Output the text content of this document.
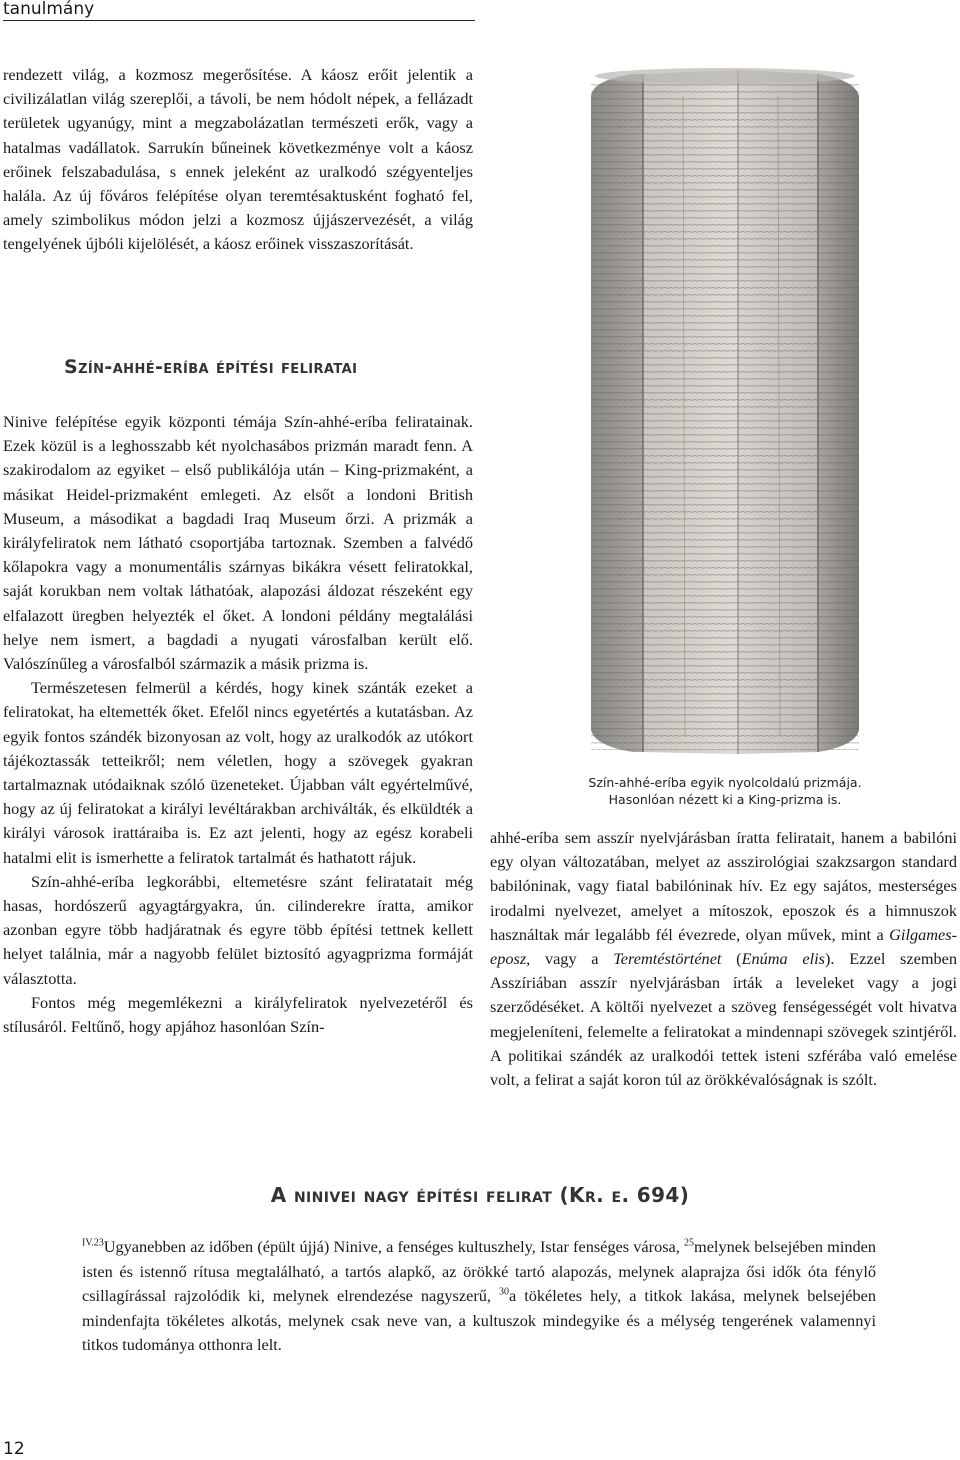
tanulmány

rendezett világ, a kozmosz megerősítése. A káosz erőit jelentik a civilizálatlan világ szereplői, a távoli, be nem hódolt népek, a fellázadt területek ugyanúgy, mint a megzabolázatlan természeti erők, vagy a hatalmas vadállatok. Sarrukín bűneinek következménye volt a káosz erőinek felszabadulása, s ennek jeleként az uralkodó szégyenteljes halála. Az új főváros felépítése olyan teremtésaktusként fogható fel, amely szimbolikus módon jelzi a kozmosz újjászervezését, a világ tengelyének újbóli kijelölését, a káosz erőinek visszaszorítását.

Szín-ahhé-eríba építési feliratai

Ninive felépítése egyik központi témája Szín-ahhé-eríba feliratainak. Ezek közül is a leghosszabb két nyolchasábos prizmán maradt fenn. A szakirodalom az egyiket – első publikálója után – King-prizmaként, a másikat Heidel-prizmaként emlegeti. Az elsőt a londoni British Museum, a másodikat a bagdadi Iraq Museum őrzi. A prizmák a királyfeliratok nem látható csoportjába tartoznak. Szemben a falvédő kőlapokra vagy a monumentális szárnyas bikákra vésett feliratokkal, saját korukban nem voltak láthatóak, alapozási áldozat részeként egy elfalazott üregben helyezték el őket. A londoni példány megtalálási helye nem ismert, a bagdadi a nyugati városfalban került elő. Valószínűleg a városfalból származik a másik prizma is.

Természetesen felmerül a kérdés, hogy kinek szánták ezeket a feliratokat, ha eltemették őket. Efelől nincs egyetértés a kutatásban. Az egyik fontos szándék bizonyosan az volt, hogy az uralkodók az utókort tájékoztassák tetteikről; nem véletlen, hogy a szövegek gyakran tartalmaznak utódaiknak szóló üzeneteket. Újabban vált egyértelművé, hogy az új feliratokat a királyi levéltárakban archiválták, és elküldték a királyi városok irattáraiba is. Ez azt jelenti, hogy az egész korabeli hatalmi elit is ismerhette a feliratok tartalmát és hathatott rájuk.

Szín-ahhé-eríba legkorábbi, eltemetésre szánt feliratatait még hasas, hordószerű agyagtárgyakra, ún. cilinderekre íratta, amikor azonban egyre több hadjáratnak és egyre több építési tettnek kellett helyet találnia, már a nagyobb felület biztosító agyagprizma formáját választotta.

Fontos még megemlékezni a királyfeliratok nyelvezetéről és stílusáról. Feltűnő, hogy apjához hasonlóan Szín-

Szín-ahhé-eríba egyik nyolcoldalú prizmája.
Hasonlóan nézett ki a King-prizma is.

ahhé-eríba sem asszír nyelvjárásban íratta feliratait, hanem a babilóni egy olyan változatában, melyet az asszirológiai szakzsargon standard babilóninak, vagy fiatal babilóninak hív. Ez egy sajátos, mesterséges irodalmi nyelvezet, amelyet a mítoszok, eposzok és a himnuszok használtak már legalább fél évezrede, olyan művek, mint a Gilgames-eposz, vagy a Teremtéstörténet (Enúma elis). Ezzel szemben Asszíriában asszír nyelvjárásban írták a leveleket vagy a jogi szerződéséket. A költői nyelvezet a szöveg fenségességét volt hivatva megjeleníteni, felemelte a feliratokat a mindennapi szövegek szintjéről. A politikai szándék az uralkodói tettek isteni szférába való emelése volt, a felirat a saját koron túl az örökkévalóságnak is szólt.

A ninivei nagy építési felirat (Kr. e. 694)

$^{IV.23}$Ugyanebben az időben (épült újjá) Ninive, a fenséges kultuszhely, Istar fenséges városa, $^{25}$melynek belsejében minden isten és istennő rítusa megtalálható, a tartós alapkő, az örökké tartó alapozás, melynek alaprajza ősi idők óta fénylő csillagírással rajzolódik ki, melynek elrendezése nagyszerű, $^{30}$a tökéletes hely, a titkok lakása, melynek belsejében mindenfajta tökéletes alkotás, melynek csak neve van, a kultuszok mindegyike és a mélység tengerének valamennyi titkos tudománya otthonra lelt.

12
